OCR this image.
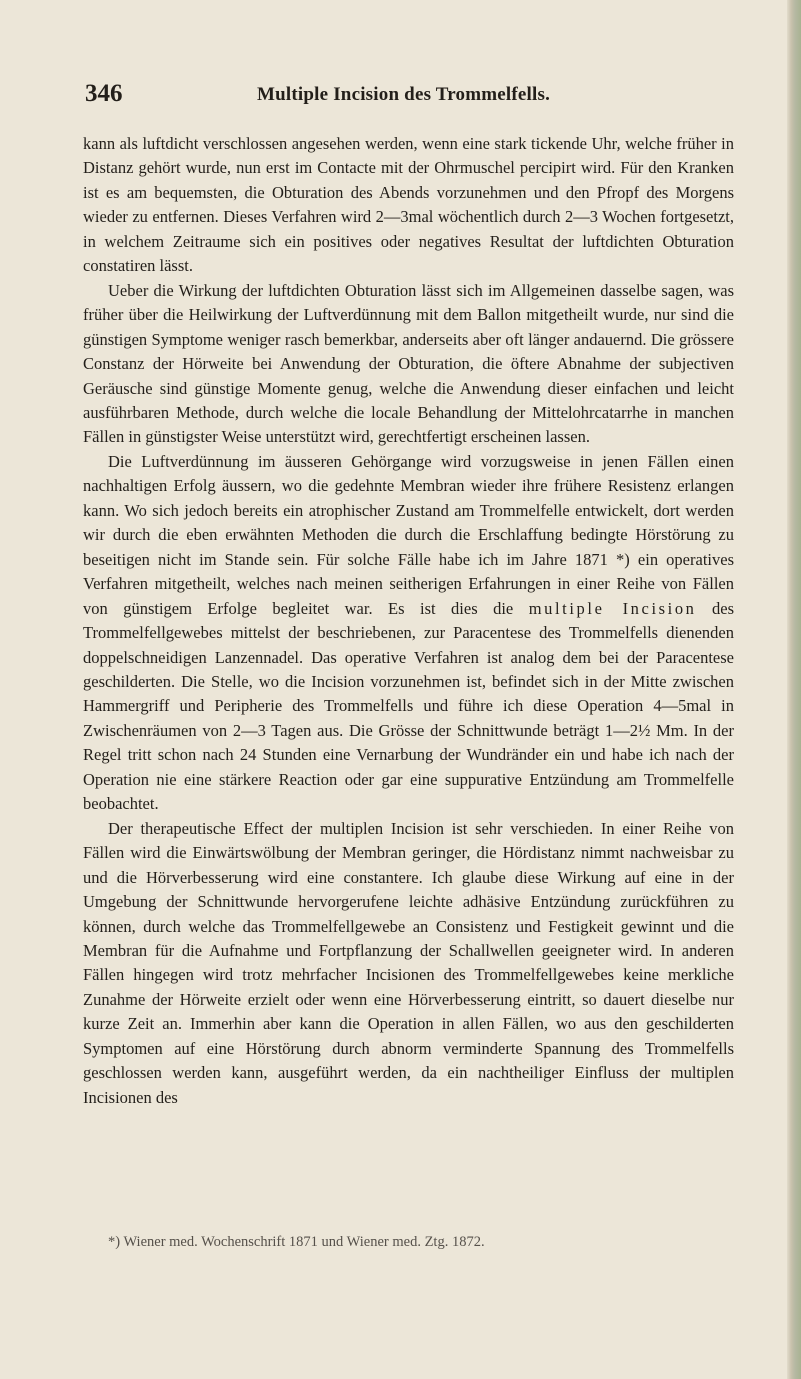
346	Multiple Incision des Trommelfells.

kann als luftdicht verschlossen angesehen werden, wenn eine stark tickende Uhr, welche früher in Distanz gehört wurde, nun erst im Contacte mit der Ohrmuschel percipirt wird. Für den Kranken ist es am bequemsten, die Obturation des Abends vorzunehmen und den Pfropf des Morgens wieder zu entfernen. Dieses Verfahren wird 2—3mal wöchentlich durch 2—3 Wochen fortgesetzt, in welchem Zeitraume sich ein positives oder negatives Resultat der luftdichten Obturation constatiren lässt.

Ueber die Wirkung der luftdichten Obturation lässt sich im Allgemeinen dasselbe sagen, was früher über die Heilwirkung der Luftverdünnung mit dem Ballon mitgetheilt wurde, nur sind die günstigen Symptome weniger rasch bemerkbar, anderseits aber oft länger andauernd. Die grössere Constanz der Hörweite bei Anwendung der Obturation, die öftere Abnahme der subjectiven Geräusche sind günstige Momente genug, welche die Anwendung dieser einfachen und leicht ausführbaren Methode, durch welche die locale Behandlung der Mittelohrcatarrhe in manchen Fällen in günstigster Weise unterstützt wird, gerechtfertigt erscheinen lassen.

Die Luftverdünnung im äusseren Gehörgange wird vorzugsweise in jenen Fällen einen nachhaltigen Erfolg äussern, wo die gedehnte Membran wieder ihre frühere Resistenz erlangen kann. Wo sich jedoch bereits ein atrophischer Zustand am Trommelfelle entwickelt, dort werden wir durch die eben erwähnten Methoden die durch die Erschlaffung bedingte Hörstörung zu beseitigen nicht im Stande sein. Für solche Fälle habe ich im Jahre 1871 *) ein operatives Verfahren mitgetheilt, welches nach meinen seitherigen Erfahrungen in einer Reihe von Fällen von günstigem Erfolge begleitet war. Es ist dies die multiple Incision des Trommelfellgewebes mittelst der beschriebenen, zur Paracentese des Trommelfells dienenden doppelschneidigen Lanzennadel. Das operative Verfahren ist analog dem bei der Paracentese geschilderten. Die Stelle, wo die Incision vorzunehmen ist, befindet sich in der Mitte zwischen Hammergriff und Peripherie des Trommelfells und führe ich diese Operation 4—5mal in Zwischenräumen von 2—3 Tagen aus. Die Grösse der Schnittwunde beträgt 1—2½ Mm. In der Regel tritt schon nach 24 Stunden eine Vernarbung der Wundränder ein und habe ich nach der Operation nie eine stärkere Reaction oder gar eine suppurative Entzündung am Trommelfelle beobachtet.

Der therapeutische Effect der multiplen Incision ist sehr verschieden. In einer Reihe von Fällen wird die Einwärtswölbung der Membran geringer, die Hördistanz nimmt nachweisbar zu und die Hörverbesserung wird eine constantere. Ich glaube diese Wirkung auf eine in der Umgebung der Schnittwunde hervorgerufene leichte adhäsive Entzündung zurückführen zu können, durch welche das Trommelfellgewebe an Consistenz und Festigkeit gewinnt und die Membran für die Aufnahme und Fortpflanzung der Schallwellen geeigneter wird. In anderen Fällen hingegen wird trotz mehrfacher Incisionen des Trommelfellgewebes keine merkliche Zunahme der Hörweite erzielt oder wenn eine Hörverbesserung eintritt, so dauert dieselbe nur kurze Zeit an. Immerhin aber kann die Operation in allen Fällen, wo aus den geschilderten Symptomen auf eine Hörstörung durch abnorm verminderte Spannung des Trommelfells geschlossen werden kann, ausgeführt werden, da ein nachtheiliger Einfluss der multiplen Incisionen des

*) Wiener med. Wochenschrift 1871 und Wiener med. Ztg. 1872.
